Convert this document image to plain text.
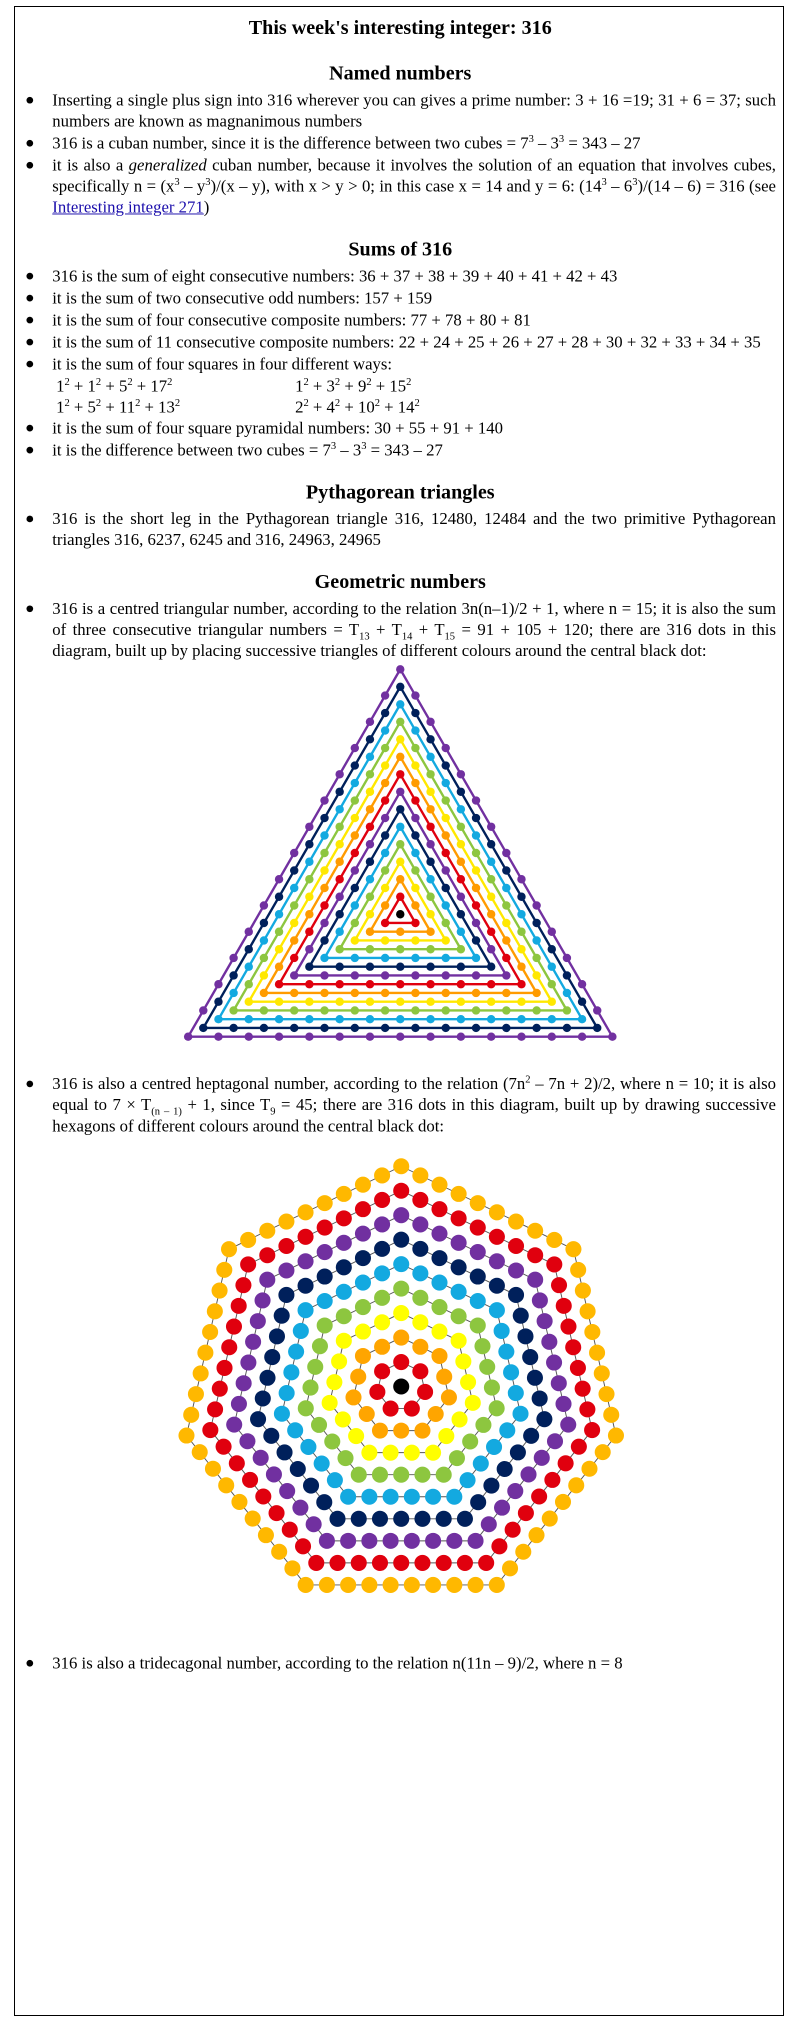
This week's interesting integer: 316
Named numbers
Inserting a single plus sign into 316 wherever you can gives a prime number: 3 + 16 =19; 31 + 6 = 37; such numbers are known as magnanimous numbers
316 is a cuban number, since it is the difference between two cubes = $7^3 - 3^3 = 343 - 27$
it is also a generalized cuban number, because it involves the solution of an equation that involves cubes, specifically $n = (x^3 - y^3)/(x - y)$, with x > y > 0; in this case x = 14 and y = 6: $(14^3 - 6^3)/(14 - 6) = 316$ (see Interesting integer 271)
Sums of 316
316 is the sum of eight consecutive numbers: 36 + 37 + 38 + 39 + 40 + 41 + 42 + 43
it is the sum of two consecutive odd numbers: 157 + 159
it is the sum of four consecutive composite numbers: 77 + 78 + 80 + 81
it is the sum of 11 consecutive composite numbers: 22 + 24 + 25 + 26 + 27 + 28 + 30 + 32 + 33 + 34 + 35
it is the sum of four squares in four different ways:
$1^2 + 1^2 + 5^2 + 17^2$	$1^2 + 3^2 + 9^2 + 15^2$
$1^2 + 5^2 + 11^2 + 13^2$	$2^2 + 4^2 + 10^2 + 14^2$
it is the sum of four square pyramidal numbers: 30 + 55 + 91 + 140
it is the difference between two cubes = $7^3 - 3^3 = 343 - 27$
Pythagorean triangles
316 is the short leg in the Pythagorean triangle 316, 12480, 12484 and the two primitive Pythagorean triangles 316, 6237, 6245 and 316, 24963, 24965
Geometric numbers
316 is a centred triangular number, according to the relation 3n(n–1)/2 + 1, where n = 15; it is also the sum of three consecutive triangular numbers = $T_{13} + T_{14} + T_{15} = 91 + 105 + 120$; there are 316 dots in this diagram, built up by placing successive triangles of different colours around the central black dot:
316 is also a centred heptagonal number, according to the relation $(7n^2 - 7n + 2)/2$, where n = 10; it is also equal to $7 \times T_{(n - 1)} + 1$, since $T_9 = 45$; there are 316 dots in this diagram, built up by drawing successive hexagons of different colours around the central black dot:
316 is also a tridecagonal number, according to the relation n(11n – 9)/2, where n = 8
